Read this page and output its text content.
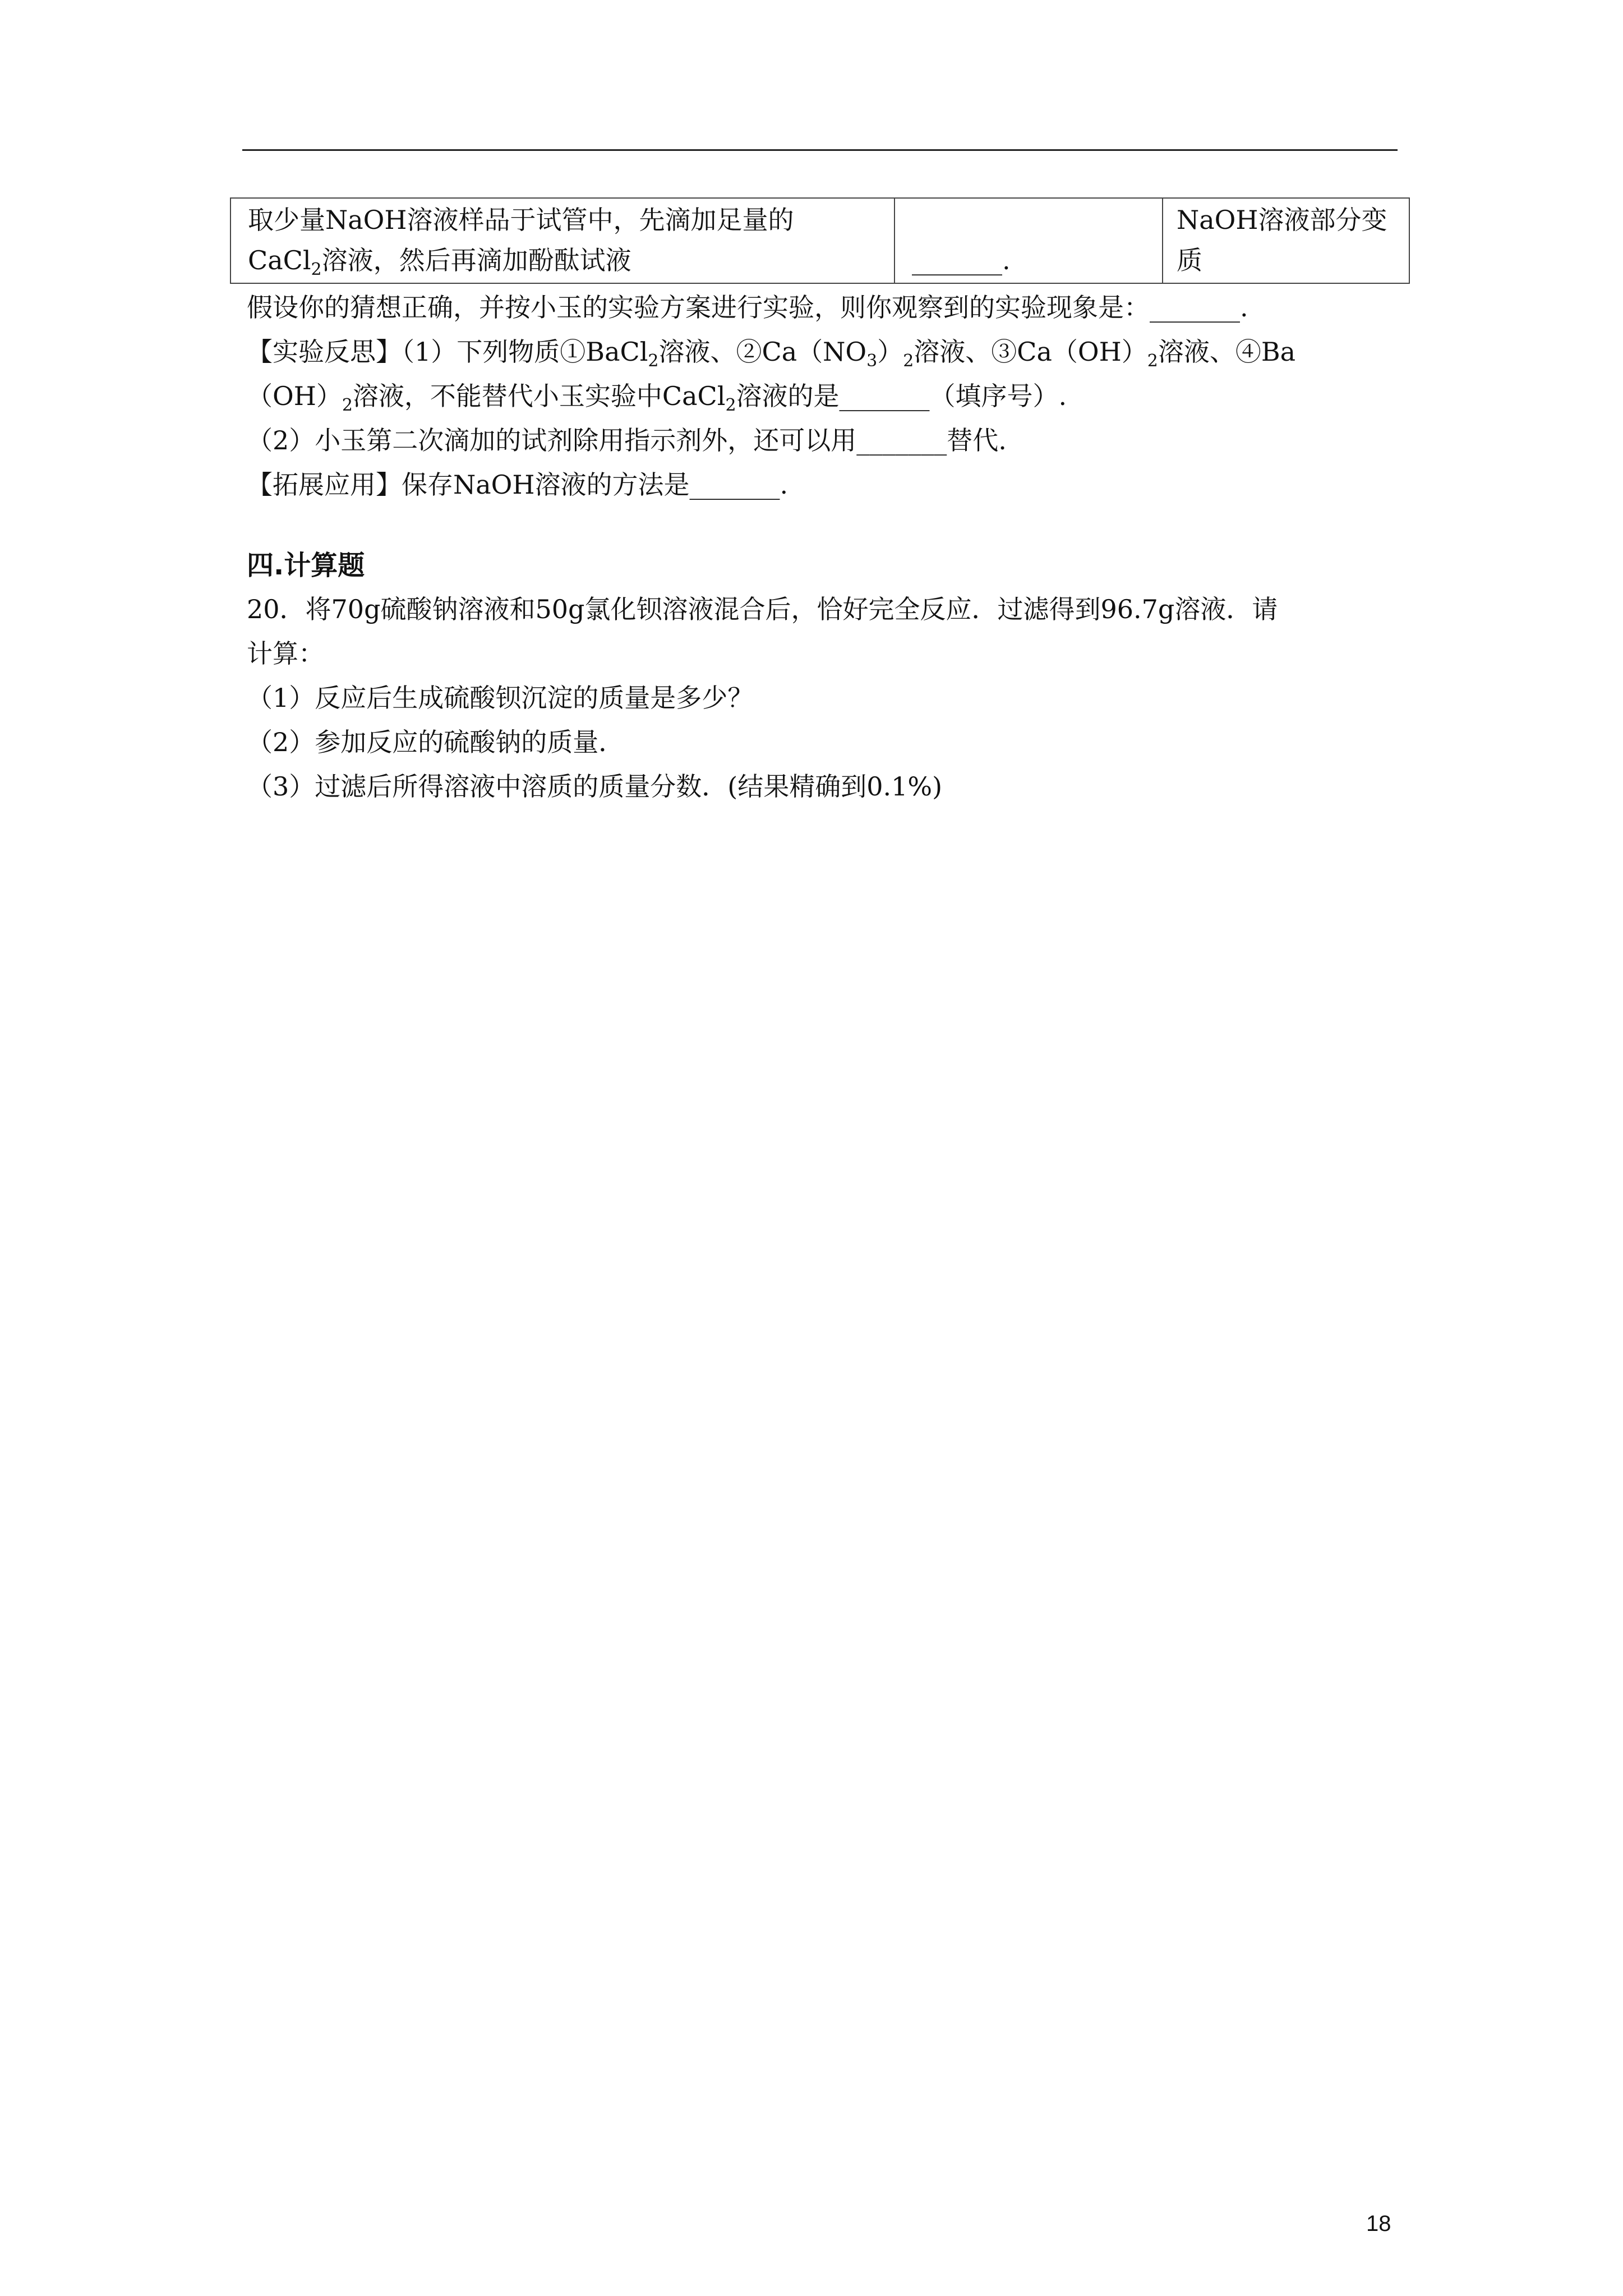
取少量NaOH溶液样品于试管中，先滴加足量的
CaCl$_2$溶液，然后再滴加酚酞试液	_______.	NaOH溶液部分变
质
假设你的猜想正确，并按小玉的实验方案进行实验，则你观察到的实验现象是：_______.
【实验反思】（1）下列物质①BaCl$_2$溶液、$②Ca(NO_3)_2$溶液、$③Ca(OH)_2$溶液、④Ba
$(OH)_2$溶液，不能替代小玉实验中CaCl$_2$溶液的是_______（填序号）.
（2）小玉第二次滴加的试剂除用指示剂外，还可以用_______替代.
【拓展应用】保存NaOH溶液的方法是_______.
四.计算题
20．将70g硫酸钠溶液和50g氯化钡溶液混合后，恰好完全反应．过滤得到96.7g溶液．请
计算：
（1）反应后生成硫酸钡沉淀的质量是多少？
（2）参加反应的硫酸钠的质量．
（3）过滤后所得溶液中溶质的质量分数．(结果精确到0.1%)
18
